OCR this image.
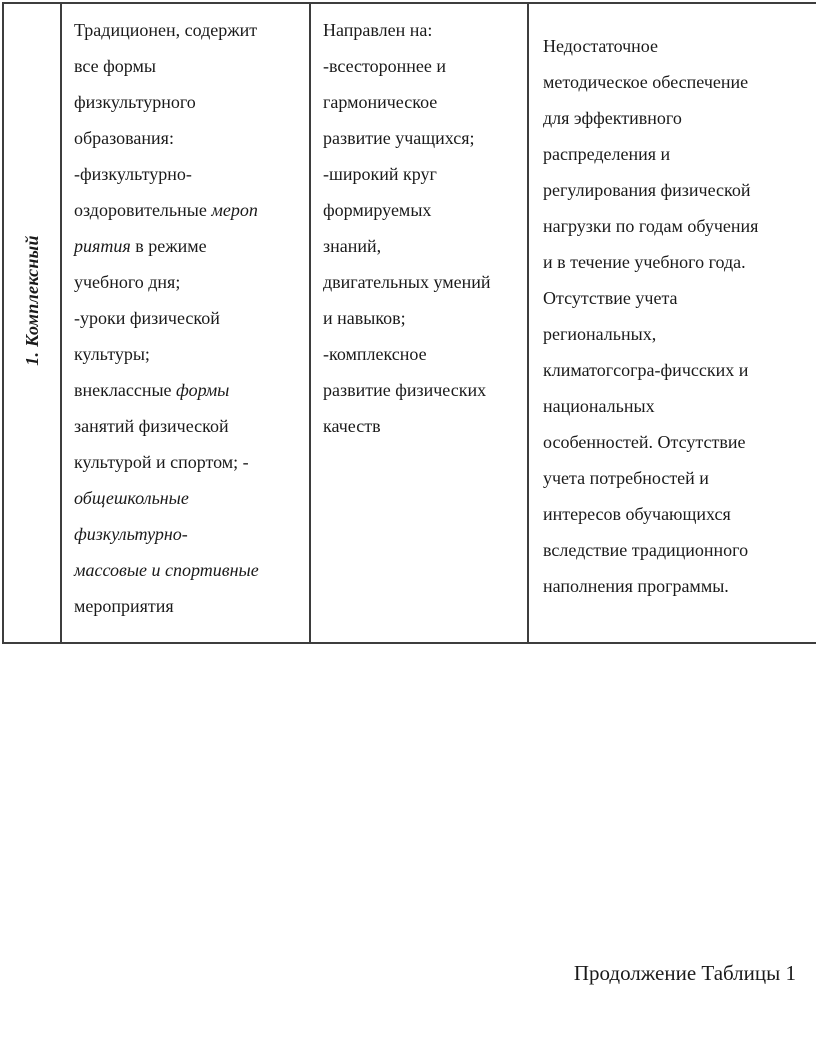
1. Комплексный
Традиционен, содержит
все формы
физкультурного
образования:
-физкультурно-
оздоровительные мероп
риятия в режиме
учебного дня;
-уроки физической
культуры;
внеклассные формы
занятий физической
культурой и спортом; -
общешкольные
физкультурно-
массовые и спортивные
мероприятия
Направлен на:
-всестороннее и
гармоническое
развитие учащихся;
-широкий круг
формируемых
знаний,
двигательных умений
и навыков;
-комплексное
развитие физических
качеств
Недостаточное
методическое обеспечение
для эффективного
распределения и
регулирования физической
нагрузки по годам обучения
и в течение учебного года.
Отсутствие учета
региональных,
климатогсогра-фичсских и
национальных
особенностей. Отсутствие
учета потребностей и
интересов обучающихся
вследствие традиционного
наполнения программы.
Продолжение Таблицы 1
